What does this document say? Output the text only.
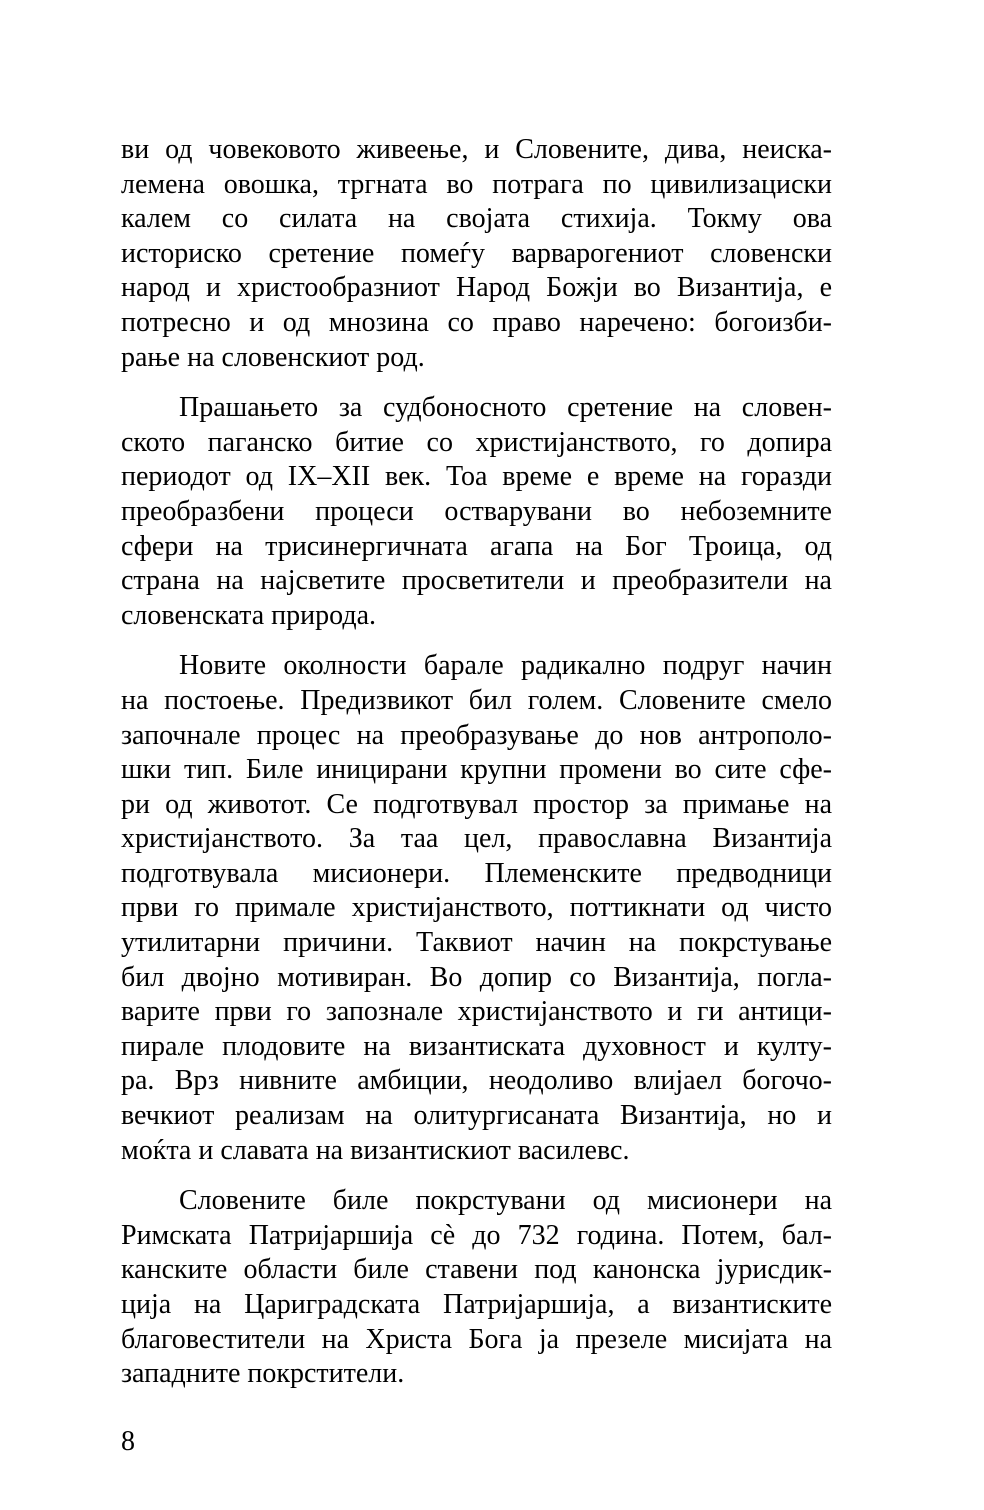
ви од човековото живеење, и Словените, дива, неиска-
лемена овошка, тргната во потрага по цивилизациски
калем со силата на својата стихија. Токму ова
историско сретение помеѓу варварогениот словенски
народ и христообразниот Народ Божји во Византија, е
потресно и од мнозина со право наречено: богоизби-
рање на словенскиот род.
Прашањето за судбоносното сретение на словен-
ското паганско битие со христијанството, го допира
периодот од IX–XII век. Тоа време е време на горазди
преобразбени процеси остварувани во небоземните
сфери на трисинергичната агапа на Бог Троица, од
страна на најсветите просветители и преобразители на
словенската природа.
Новите околности барале радикално подруг начин
на постоење. Предизвикот бил голем. Словените смело
започнале процес на преобразување до нов антрополо-
шки тип. Биле иницирани крупни промени во сите сфе-
ри од животот. Се подготвувал простор за примање на
христијанството. За таа цел, православна Византија
подготвувала мисионери. Племенските предводници
први го примале христијанството, поттикнати од чисто
утилитарни причини. Таквиот начин на покрстување
бил двојно мотивиран. Во допир со Византија, погла-
варите први го запознале христијанството и ги антици-
пирале плодовите на византиската духовност и култу-
ра. Врз нивните амбиции, неодоливо влијаел богочо-
вечкиот реализам на олитургисаната Византија, но и
моќта и славата на византискиот василевс.
Словените биле покрстувани од мисионери на
Римската Патријаршија сè до 732 година. Потем, бал-
канските области биле ставени под канонска јурисдик-
ција на Цариградската Патријаршија, а византиските
благовестители на Христа Бога ја презеле мисијата на
западните покрстители.
8
